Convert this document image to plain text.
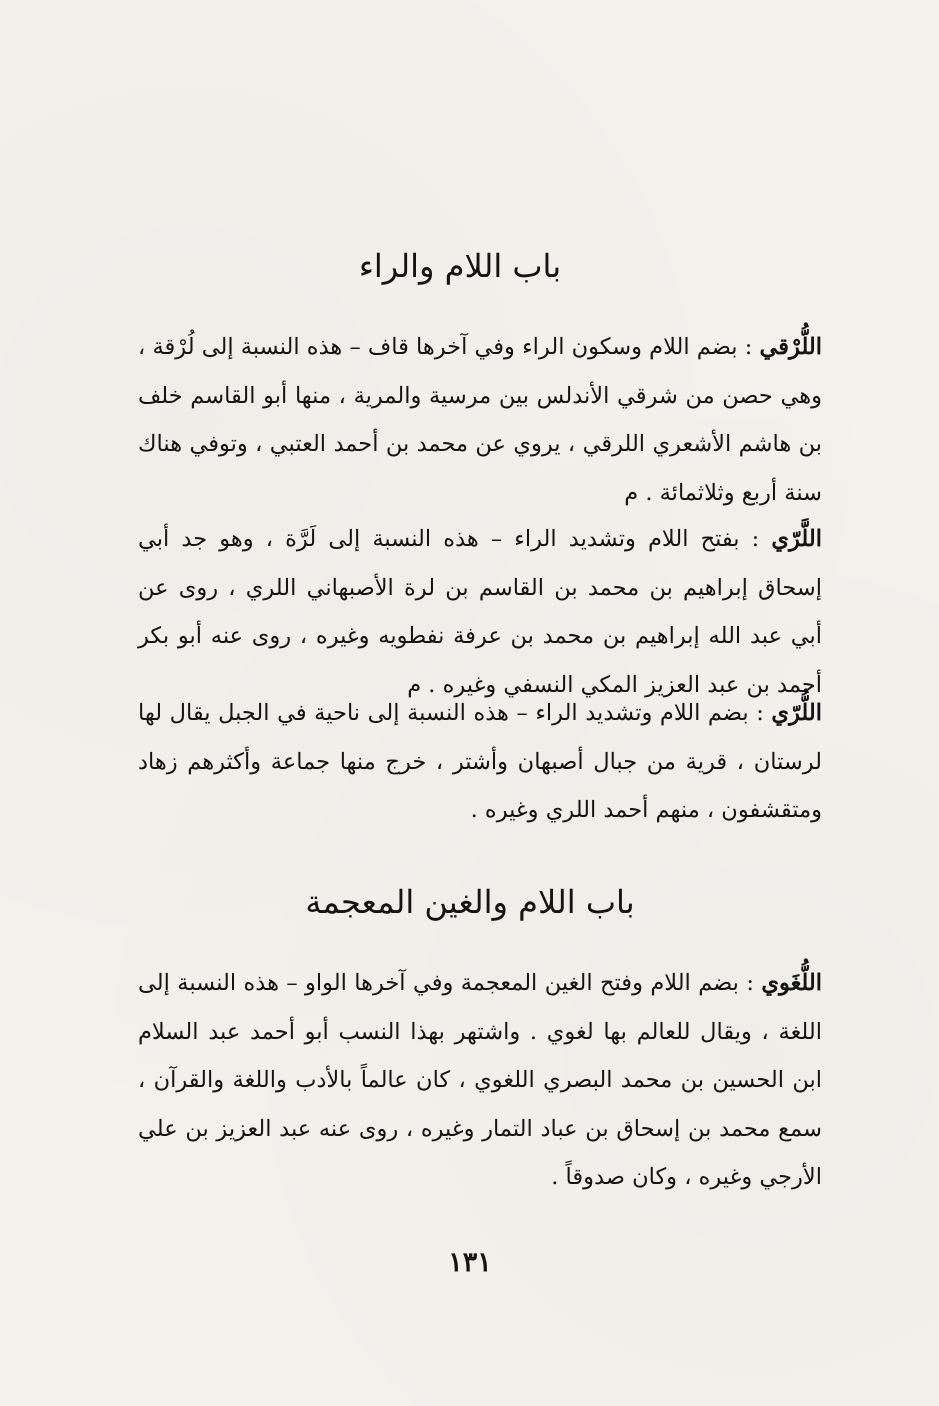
باب اللام والراء

اللُّرْقي : بضم اللام وسكون الراء وفي آخرها قاف – هذه النسبة إلى لُرْقة ، وهي حصن من شرقي الأندلس بين مرسية والمرية ، منها أبو القاسم خلف بن هاشم الأشعري اللرقي ، يروي عن محمد بن أحمد العتبي ، وتوفي هناك سنة أربع وثلاثمائة . م

اللَّرّي : بفتح اللام وتشديد الراء – هذه النسبة إلى لَرَّة ، وهو جد أبي إسحاق إبراهيم بن محمد بن القاسم بن لرة الأصبهاني اللري ، روى عن أبي عبد الله إبراهيم بن محمد بن عرفة نفطويه وغيره ، روى عنه أبو بكر أحمد بن عبد العزيز المكي النسفي وغيره . م

اللُّرّي : بضم اللام وتشديد الراء – هذه النسبة إلى ناحية في الجبل يقال لها لرستان ، قرية من جبال أصبهان وأشتر ، خرج منها جماعة وأكثرهم زهاد ومتقشفون ، منهم أحمد اللري وغيره .

باب اللام والغين المعجمة

اللُّغَوي : بضم اللام وفتح الغين المعجمة وفي آخرها الواو – هذه النسبة إلى اللغة ، ويقال للعالم بها لغوي . واشتهر بهذا النسب أبو أحمد عبد السلام ابن الحسين بن محمد البصري اللغوي ، كان عالماً بالأدب واللغة والقرآن ، سمع محمد بن إسحاق بن عباد التمار وغيره ، روى عنه عبد العزيز بن علي الأرجي وغيره ، وكان صدوقاً .

١٣١
